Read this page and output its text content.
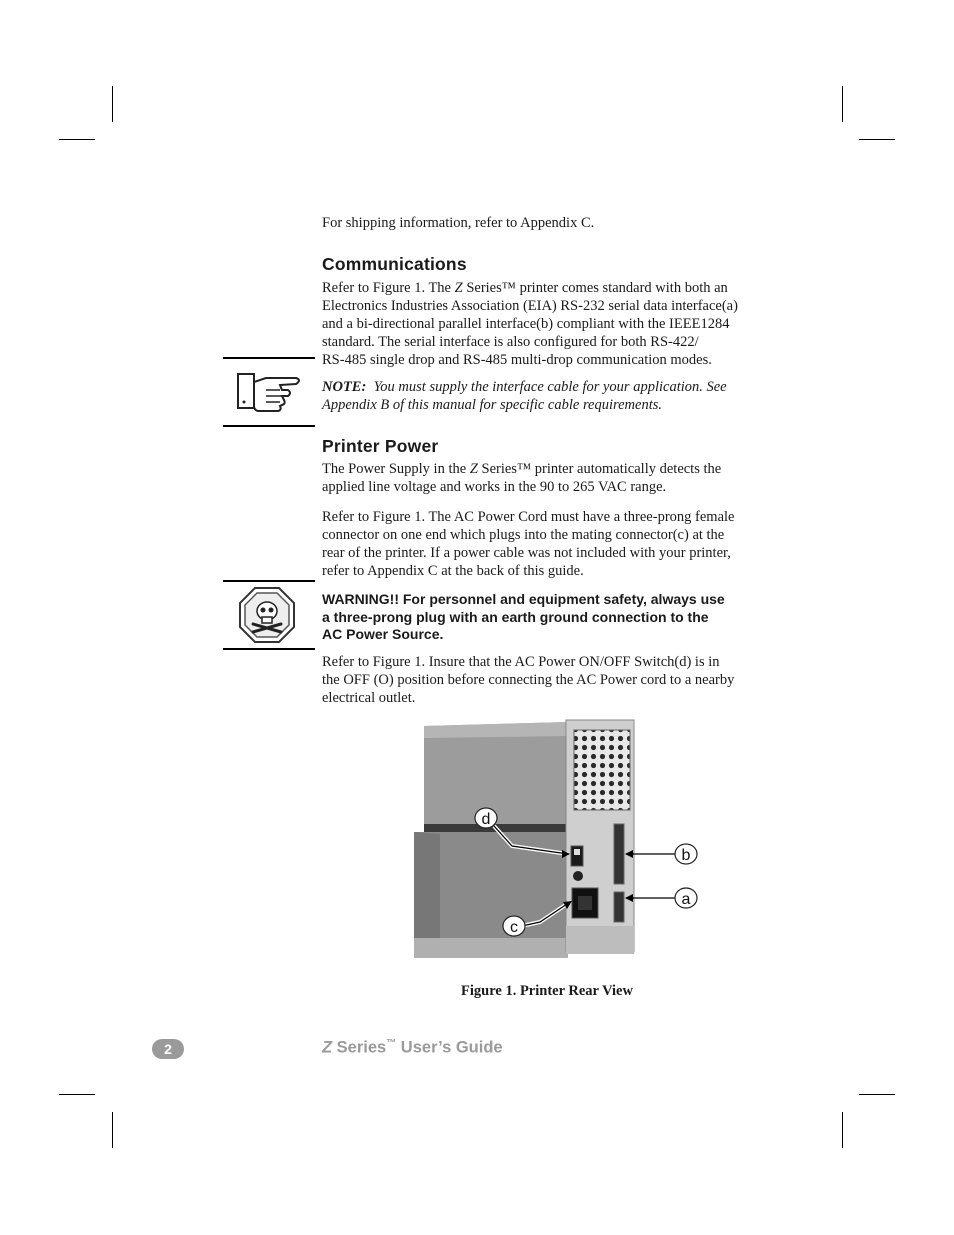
For shipping information, refer to Appendix C.
Communications
Refer to Figure 1. The Z Series™ printer comes standard with both an
Electronics Industries Association (EIA) RS-232 serial data interface(a)
and a bi-directional parallel interface(b) compliant with the IEEE1284
standard. The serial interface is also configured for both RS-422/
RS-485 single drop and RS-485 multi-drop communication modes.
NOTE: You must supply the interface cable for your application. See
Appendix B of this manual for specific cable requirements.
Printer Power
The Power Supply in the Z Series™ printer automatically detects the
applied line voltage and works in the 90 to 265 VAC range.
Refer to Figure 1. The AC Power Cord must have a three-prong female
connector on one end which plugs into the mating connector(c) at the
rear of the printer. If a power cable was not included with your printer,
refer to Appendix C at the back of this guide.
WARNING!! For personnel and equipment safety, always use
a three-prong plug with an earth ground connection to the
AC Power Source.
Refer to Figure 1. Insure that the AC Power ON/OFF Switch(d) is in
the OFF (O) position before connecting the AC Power cord to a nearby
electrical outlet.
d
c
b
a
Figure 1. Printer Rear View
2	Z Series™ User’s Guide
